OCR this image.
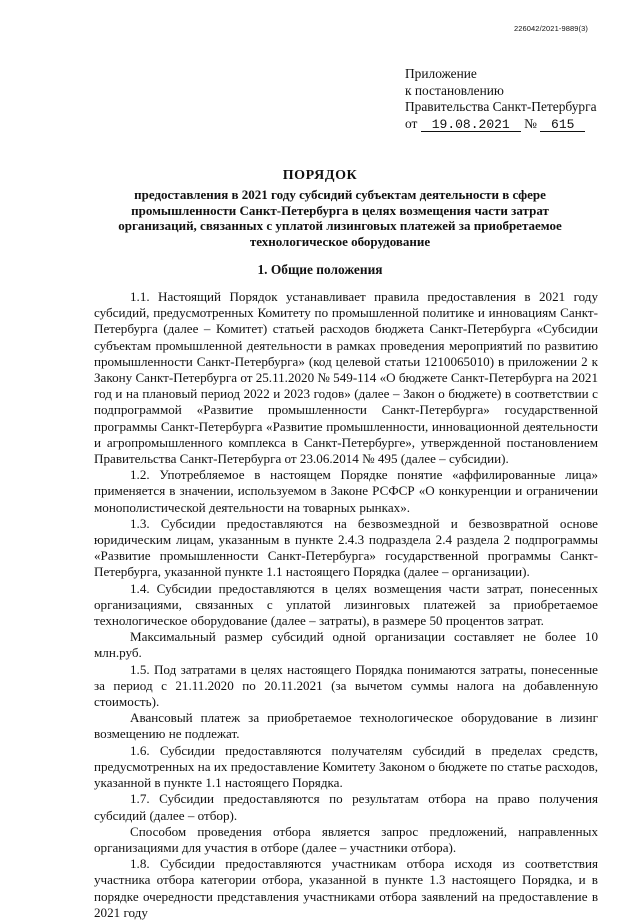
226042/2021-9889(3)
Приложение
к постановлению
Правительства Санкт-Петербурга
от 19.08.2021 № 615
ПОРЯДОК
предоставления в 2021 году субсидий субъектам деятельности в сфере промышленности Санкт-Петербурга в целях возмещения части затрат организаций, связанных с уплатой лизинговых платежей за приобретаемое технологическое оборудование
1. Общие положения

1.1. Настоящий Порядок устанавливает правила предоставления в 2021 году субсидий, предусмотренных Комитету по промышленной политике и инновациям Санкт-Петербурга (далее – Комитет) статьей расходов бюджета Санкт-Петербурга «Субсидии субъектам промышленной деятельности в рамках проведения мероприятий по развитию промышленности Санкт-Петербурга» (код целевой статьи 1210065010) в приложении 2 к Закону Санкт-Петербурга от 25.11.2020 № 549-114 «О бюджете Санкт-Петербурга на 2021 год и на плановый период 2022 и 2023 годов» (далее – Закон о бюджете) в соответствии с подпрограммой «Развитие промышленности Санкт-Петербурга» государственной программы Санкт-Петербурга «Развитие промышленности, инновационной деятельности и агропромышленного комплекса в Санкт-Петербурге», утвержденной постановлением Правительства Санкт-Петербурга от 23.06.2014 № 495 (далее – субсидии).

1.2. Употребляемое в настоящем Порядке понятие «аффилированные лица» применяется в значении, используемом в Законе РСФСР «О конкуренции и ограничении монополистической деятельности на товарных рынках».

1.3. Субсидии предоставляются на безвозмездной и безвозвратной основе юридическим лицам, указанным в пункте 2.4.3 подраздела 2.4 раздела 2 подпрограммы «Развитие промышленности Санкт-Петербурга» государственной программы Санкт-Петербурга, указанной пункте 1.1 настоящего Порядка (далее – организации).

1.4. Субсидии предоставляются в целях возмещения части затрат, понесенных организациями, связанных с уплатой лизинговых платежей за приобретаемое технологическое оборудование (далее – затраты), в размере 50 процентов затрат.

Максимальный размер субсидий одной организации составляет не более 10 млн.руб.

1.5. Под затратами в целях настоящего Порядка понимаются затраты, понесенные за период с 21.11.2020 по 20.11.2021 (за вычетом суммы налога на добавленную стоимость).

Авансовый платеж за приобретаемое технологическое оборудование в лизинг возмещению не подлежат.

1.6. Субсидии предоставляются получателям субсидий в пределах средств, предусмотренных на их предоставление Комитету Законом о бюджете по статье расходов, указанной в пункте 1.1 настоящего Порядка.

1.7. Субсидии предоставляются по результатам отбора на право получения субсидий (далее – отбор).

Способом проведения отбора является запрос предложений, направленных организациями для участия в отборе (далее – участники отбора).

1.8. Субсидии предоставляются участникам отбора исходя из соответствия участника отбора категории отбора, указанной в пункте 1.3 настоящего Порядка, и в порядке очередности представления участниками отбора заявлений на предоставление в 2021 году
